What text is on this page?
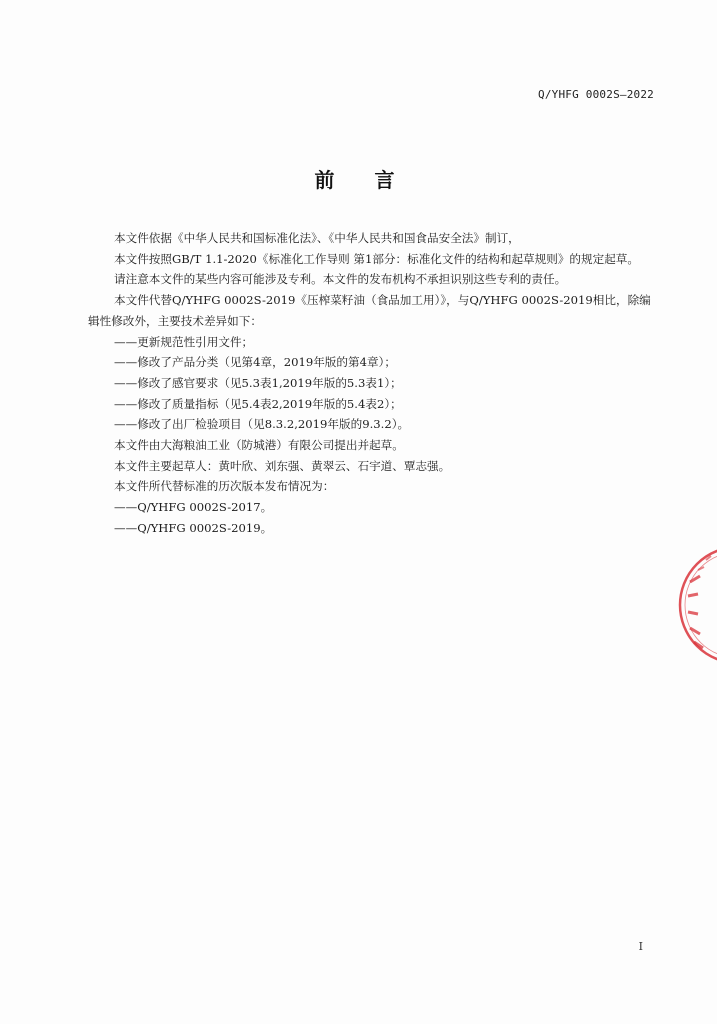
Q/YHFG 0002S—2022
前言

本文件依据《中华人民共和国标准化法》、《中华人民共和国食品安全法》制订，

本文件按照GB/T 1.1-2020《标准化工作导则 第1部分：标准化文件的结构和起草规则》的规定起草。

请注意本文件的某些内容可能涉及专利。本文件的发布机构不承担识别这些专利的责任。

本文件代替Q/YHFG 0002S-2019《压榨菜籽油（食品加工用）》，与Q/YHFG 0002S-2019相比，除编辑性修改外，主要技术差异如下：

——更新规范性引用文件；

——修改了产品分类（见第4章，2019年版的第4章）；

——修改了感官要求（见5.3表1,2019年版的5.3表1）；

——修改了质量指标（见5.4表2,2019年版的5.4表2）；

——修改了出厂检验项目（见8.3.2,2019年版的9.3.2）。

本文件由大海粮油工业（防城港）有限公司提出并起草。

本文件主要起草人：黄叶欣、刘东强、黄翠云、石宇道、覃志强。

本文件所代替标准的历次版本发布情况为：

——Q/YHFG 0002S-2017。

——Q/YHFG 0002S-2019。

I
